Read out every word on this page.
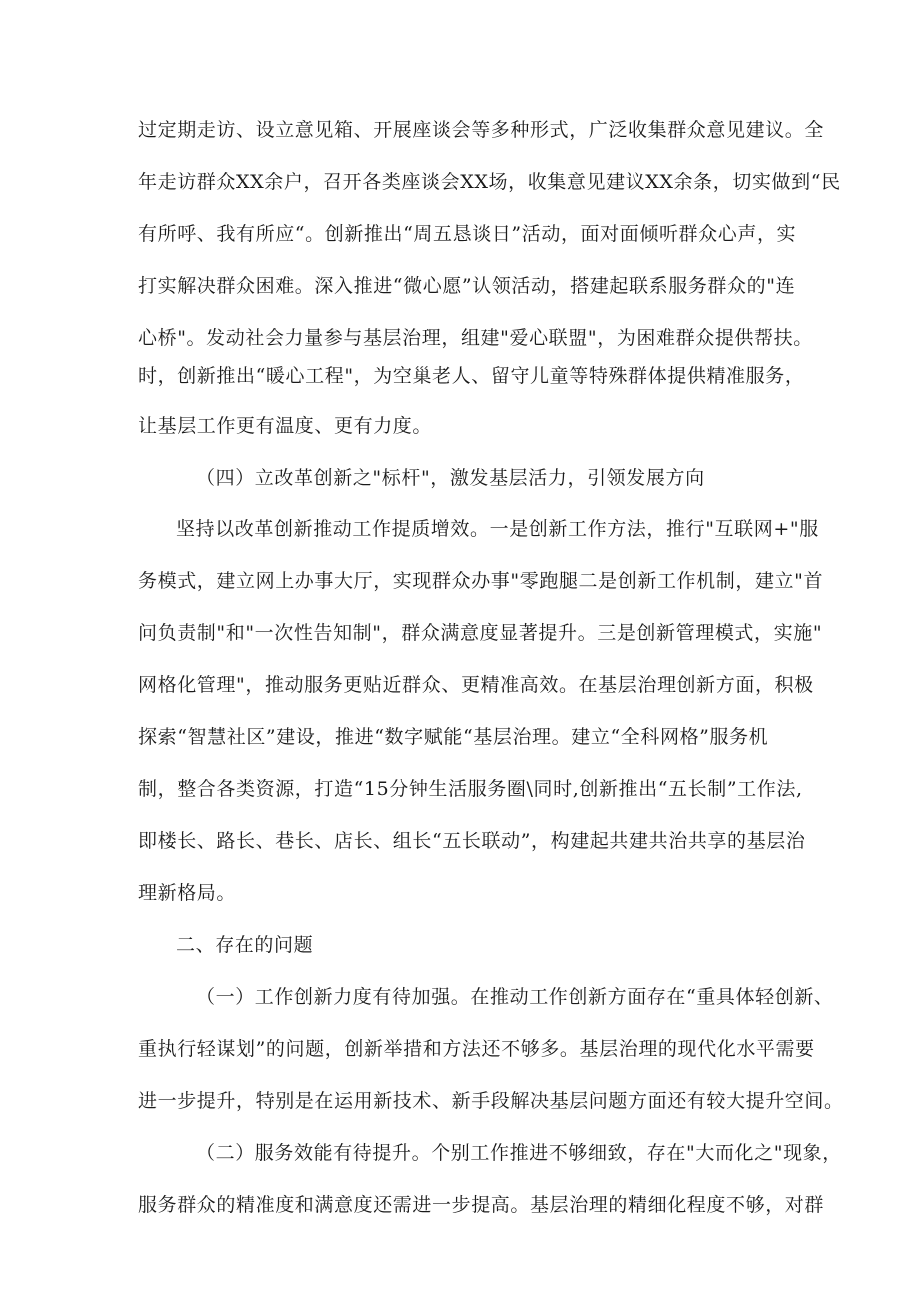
过定期走访、设立意见箱、开展座谈会等多种形式，广泛收集群众意见建议。全
年走访群众XX余户，召开各类座谈会XX场，收集意见建议XX余条，切实做到“民
有所呼、我有所应“。创新推出“周五恳谈日”活动，面对面倾听群众心声，实
打实解决群众困难。深入推进“微心愿”认领活动，搭建起联系服务群众的"连
心桥"。发动社会力量参与基层治理，组建"爱心联盟"，为困难群众提供帮扶。
时，创新推出“暖心工程"，为空巢老人、留守儿童等特殊群体提供精准服务，
让基层工作更有温度、更有力度。
（四）立改革创新之"标杆"，激发基层活力，引领发展方向
坚持以改革创新推动工作提质增效。一是创新工作方法，推行"互联网+"服
务模式，建立网上办事大厅，实现群众办事"零跑腿二是创新工作机制，建立"首
问负责制"和"一次性告知制"，群众满意度显著提升。三是创新管理模式，实施"
网格化管理"，推动服务更贴近群众、更精准高效。在基层治理创新方面，积极
探索“智慧社区”建设，推进“数字赋能“基层治理。建立“全科网格”服务机
制，整合各类资源，打造“15分钟生活服务圈\同时,创新推出“五长制”工作法,
即楼长、路长、巷长、店长、组长“五长联动”，构建起共建共治共享的基层治
理新格局。
二、存在的问题
（一）工作创新力度有待加强。在推动工作创新方面存在“重具体轻创新、
重执行轻谋划”的问题，创新举措和方法还不够多。基层治理的现代化水平需要
进一步提升，特别是在运用新技术、新手段解决基层问题方面还有较大提升空间。
（二）服务效能有待提升。个别工作推进不够细致，存在"大而化之"现象，
服务群众的精准度和满意度还需进一步提高。基层治理的精细化程度不够，对群
